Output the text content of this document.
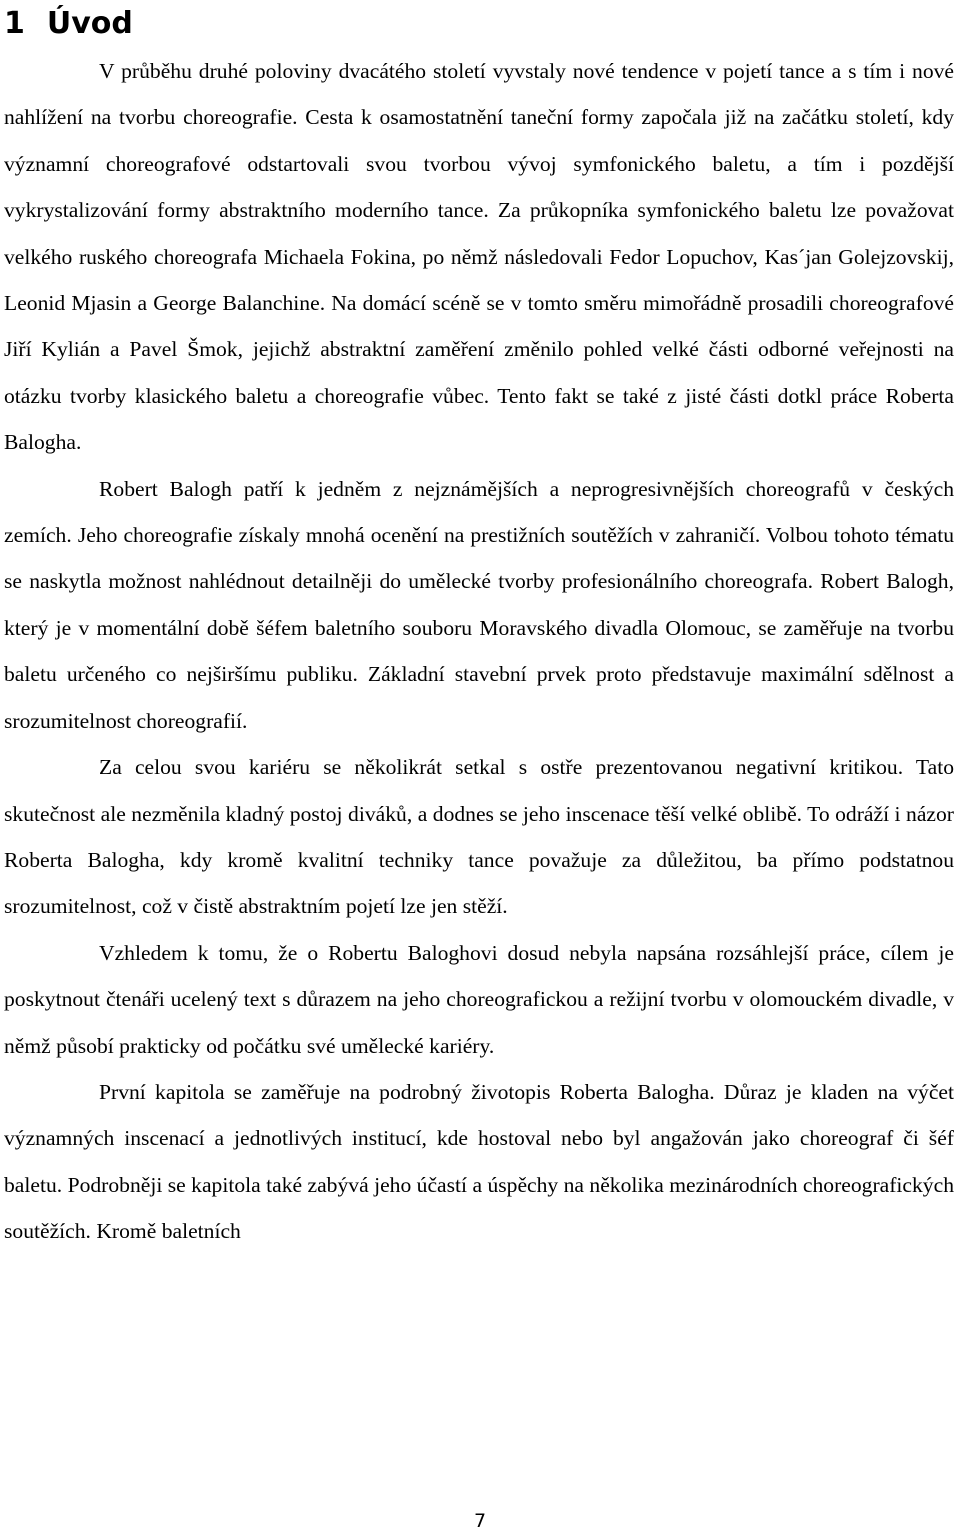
1 Úvod

V průběhu druhé poloviny dvacátého století vyvstaly nové tendence v pojetí tance a s tím i nové nahlížení na tvorbu choreografie. Cesta k osamostatnění taneční formy započala již na začátku století, kdy významní choreografové odstartovali svou tvorbou vývoj symfonického baletu, a tím i pozdější vykrystalizování formy abstraktního moderního tance. Za průkopníka symfonického baletu lze považovat velkého ruského choreografa Michaela Fokina, po němž následovali Fedor Lopuchov, Kas´jan Golejzovskij, Leonid Mjasin a George Balanchine. Na domácí scéně se v tomto směru mimořádně prosadili choreografové Jiří Kylián a Pavel Šmok, jejichž abstraktní zaměření změnilo pohled velké části odborné veřejnosti na otázku tvorby klasického baletu a choreografie vůbec. Tento fakt se také z jisté části dotkl práce Roberta Balogha.

Robert Balogh patří k jedněm z nejznámějších a neprogresivnějších choreografů v českých zemích. Jeho choreografie získaly mnohá ocenění na prestižních soutěžích v zahraničí. Volbou tohoto tématu se naskytla možnost nahlédnout detailněji do umělecké tvorby profesionálního choreografa. Robert Balogh, který je v momentální době šéfem baletního souboru Moravského divadla Olomouc, se zaměřuje na tvorbu baletu určeného co nejširšímu publiku. Základní stavební prvek proto představuje maximální sdělnost a srozumitelnost choreografií.

Za celou svou kariéru se několikrát setkal s ostře prezentovanou negativní kritikou. Tato skutečnost ale nezměnila kladný postoj diváků, a dodnes se jeho inscenace těší velké oblibě. To odráží i názor Roberta Balogha, kdy kromě kvalitní techniky tance považuje za důležitou, ba přímo podstatnou srozumitelnost, což v čistě abstraktním pojetí lze jen stěží.

Vzhledem k tomu, že o Robertu Baloghovi dosud nebyla napsána rozsáhlejší práce, cílem je poskytnout čtenáři ucelený text s důrazem na jeho choreografickou a režijní tvorbu v olomouckém divadle, v němž působí prakticky od počátku své umělecké kariéry.

První kapitola se zaměřuje na podrobný životopis Roberta Balogha. Důraz je kladen na výčet významných inscenací a jednotlivých institucí, kde hostoval nebo byl angažován jako choreograf či šéf baletu. Podrobněji se kapitola také zabývá jeho účastí a úspěchy na několika mezinárodních choreografických soutěžích. Kromě baletních

7
